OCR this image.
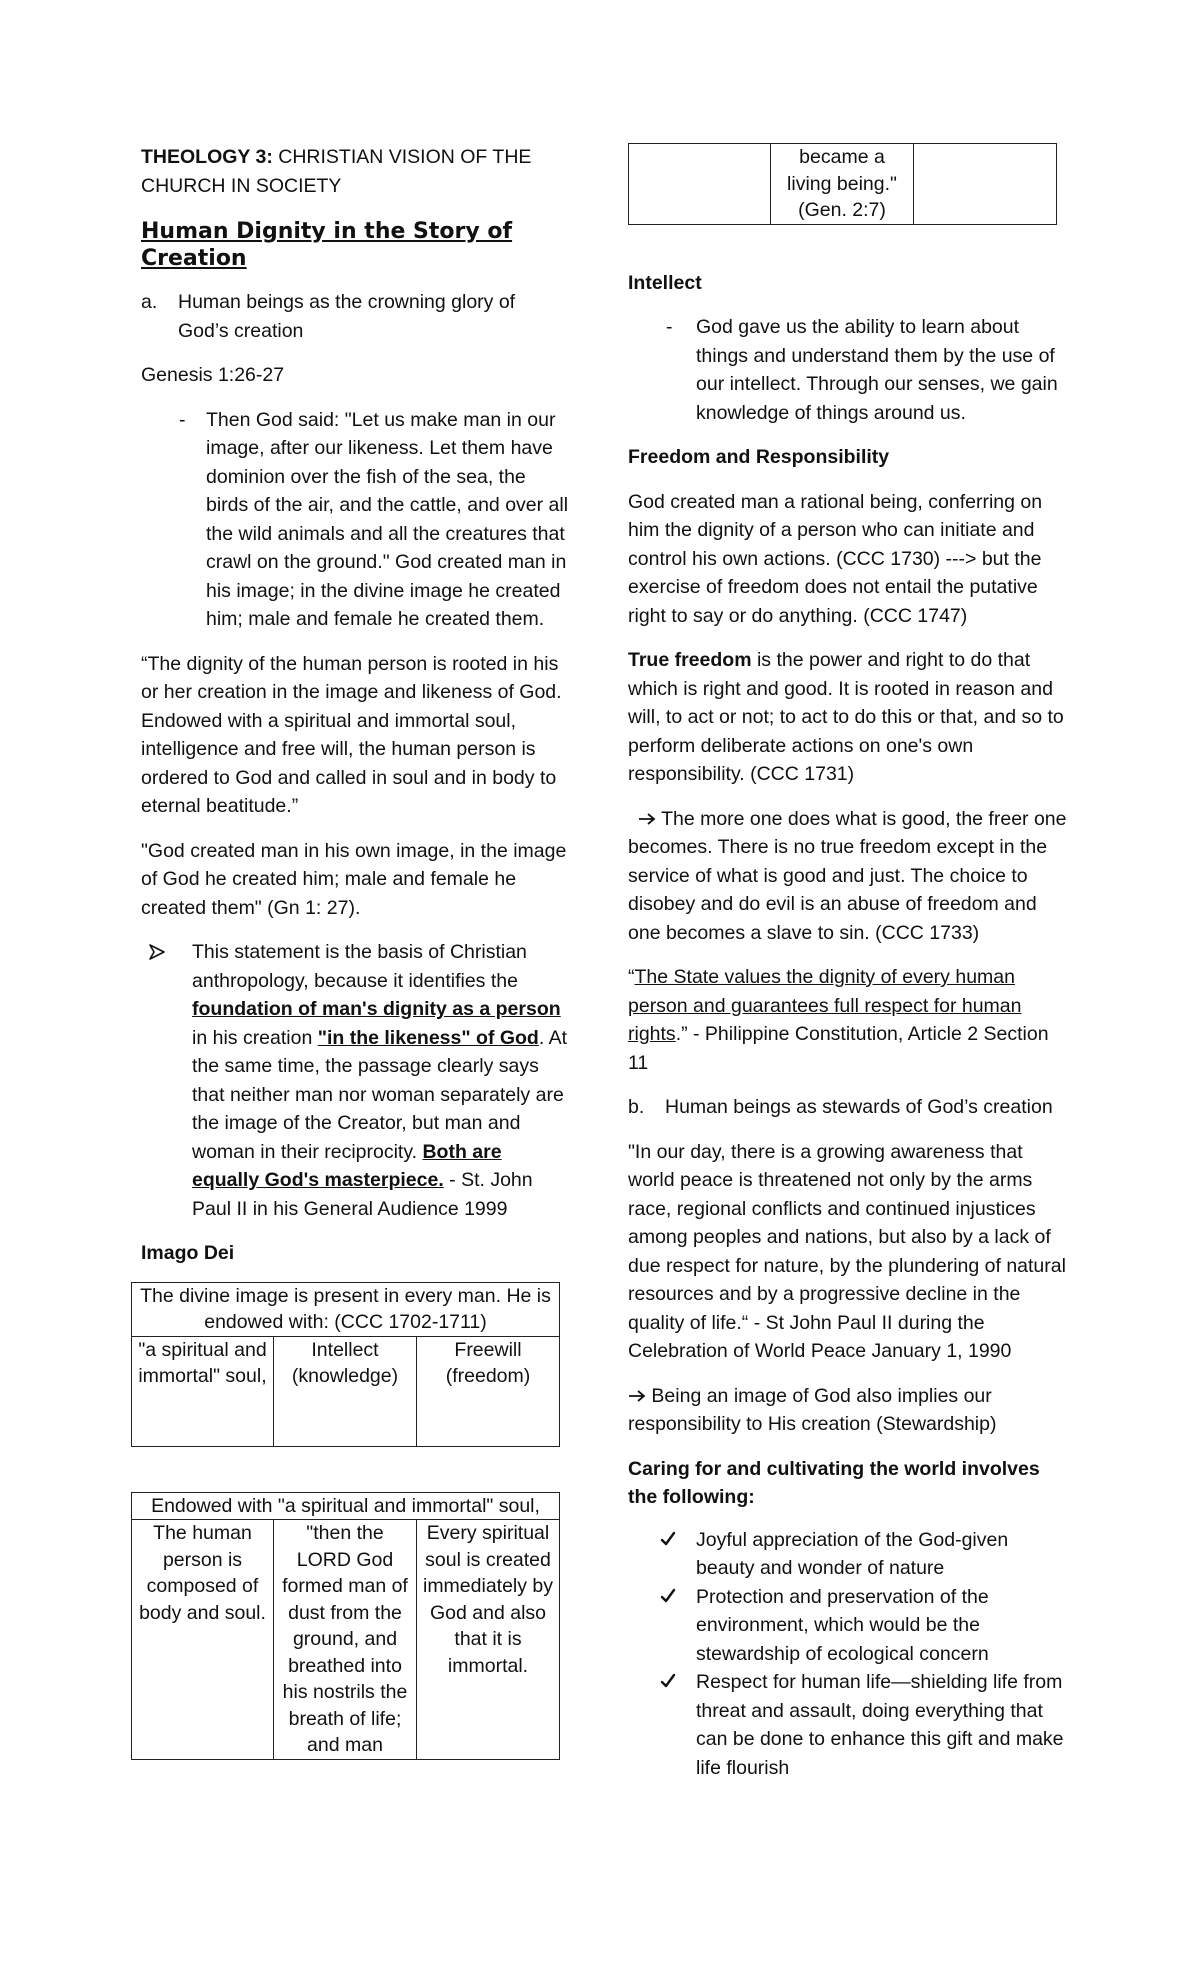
THEOLOGY 3: CHRISTIAN VISION OF THE CHURCH IN SOCIETY

Human Dignity in the Story of Creation
a.	Human beings as the crowning glory of God’s creation

Genesis 1:26-27

-	Then God said: "Let us make man in our image, after our likeness. Let them have dominion over the fish of the sea, the birds of the air, and the cattle, and over all the wild animals and all the creatures that crawl on the ground." God created man in his image; in the divine image he created him; male and female he created them.

“The dignity of the human person is rooted in his or her creation in the image and likeness of God. Endowed with a spiritual and immortal soul, intelligence and free will, the human person is ordered to God and called in soul and in body to eternal beatitude.”

"God created man in his own image, in the image of God he created him; male and female he created them" (Gn 1: 27).

This statement is the basis of Christian anthropology, because it identifies the foundation of man's dignity as a person in his creation "in the likeness" of God. At the same time, the passage clearly says that neither man nor woman separately are the image of the Creator, but man and woman in their reciprocity. Both are equally God's masterpiece. - St. John Paul II in his General Audience 1999

Imago Dei

The divine image is present in every man. He is endowed with: (CCC 1702-1711)
"a spiritual and immortal" soul,	Intellect (knowledge)	Freewill (freedom)
Endowed with "a spiritual and immortal" soul,
The human person is composed of body and soul.	"then the LORD God formed man of dust from the ground, and breathed into his nostrils the breath of life; and man	Every spiritual soul is created immediately by God and also that it is immortal.
	became a living being." (Gen. 2:7)	

Intellect

-	God gave us the ability to learn about things and understand them by the use of our intellect. Through our senses, we gain knowledge of things around us.

Freedom and Responsibility

God created man a rational being, conferring on him the dignity of a person who can initiate and control his own actions. (CCC 1730) ---> but the exercise of freedom does not entail the putative right to say or do anything. (CCC 1747)

True freedom is the power and right to do that which is right and good. It is rooted in reason and will, to act or not; to act to do this or that, and so to perform deliberate actions on one's own responsibility. (CCC 1731)

The more one does what is good, the freer one becomes. There is no true freedom except in the service of what is good and just. The choice to disobey and do evil is an abuse of freedom and one becomes a slave to sin. (CCC 1733)

“The State values the dignity of every human person and guarantees full respect for human rights.” - Philippine Constitution, Article 2 Section 11

b.	Human beings as stewards of God’s creation

"In our day, there is a growing awareness that world peace is threatened not only by the arms race, regional conflicts and continued injustices among peoples and nations, but also by a lack of due respect for nature, by the plundering of natural resources and by a progressive decline in the quality of life.“ - St John Paul II during the Celebration of World Peace January 1, 1990

Being an image of God also implies our responsibility to His creation (Stewardship)

Caring for and cultivating the world involves the following:

Joyful appreciation of the God-given beauty and wonder of nature
Protection and preservation of the environment, which would be the stewardship of ecological concern
Respect for human life—shielding life from threat and assault, doing everything that can be done to enhance this gift and make life flourish
